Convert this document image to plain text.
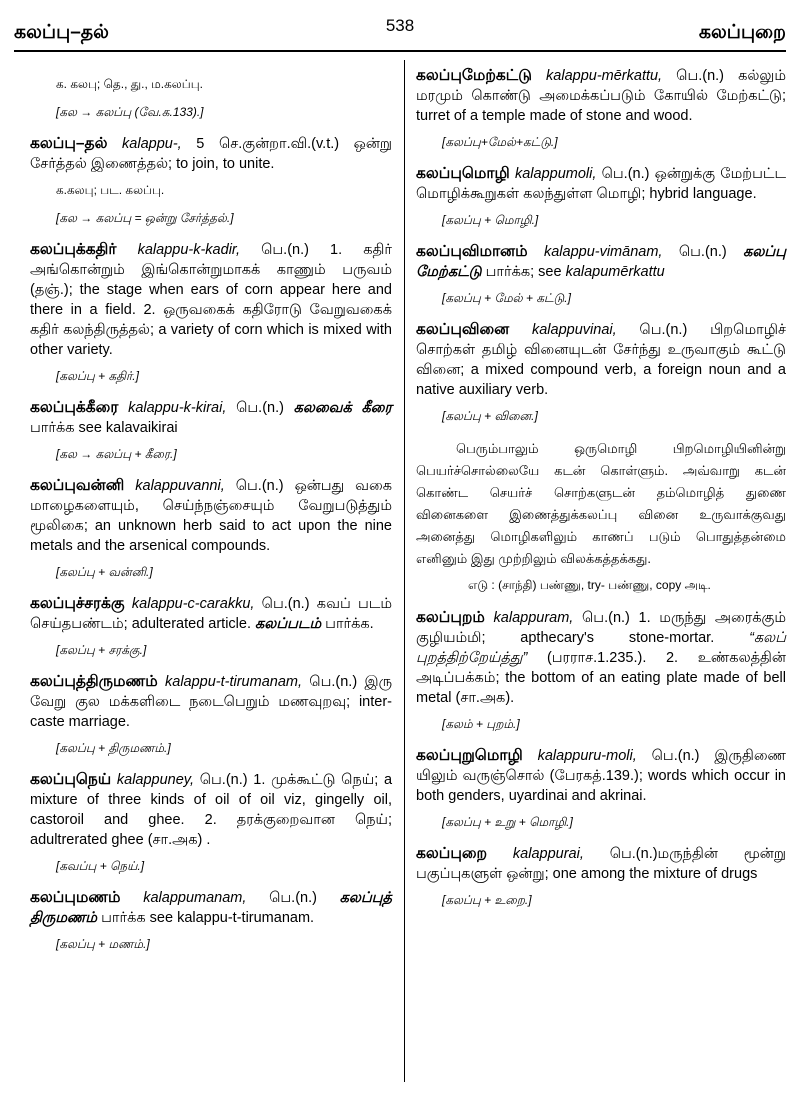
கலப்பு–தல்	538	கலப்புறை
க. கலபு; தெ., து., ம.கலப்பு.
[கல → கலப்பு (வே.க.133).]
கலப்பு–தல் kalappu-, 5 செ.குன்றா.வி.(v.t.) ஒன்று சேர்த்தல் இணைத்தல்; to join, to unite.
க.கலபு; பட. கலப்பு.
[கல → கலப்பு = ஒன்று சேர்த்தல்.]
கலப்புக்கதிர் kalappu-k-kadir, பெ.(n.) 1. கதிர் அங்கொன்றும் இங்கொன்றுமாகக் காணும் பருவம் (தஞ்.); the stage when ears of corn appear here and there in a field. 2. ஒருவகைக் கதிரோடு வேறுவகைக் கதிர் கலந்திருத்தல்; a variety of corn which is mixed with other variety.
[கலப்பு + கதிர்.]
கலப்புக்கீரை kalappu-k-kirai, பெ.(n.) கலவைக் கீரை பார்க்க see kalavaikirai
[கல → கலப்பு + கீரை.]
கலப்புவன்னி kalappuvanni, பெ.(n.) ஒன்பது வகை மாழைகளையும், செய்ந்நஞ்சையும் வேறுபடுத்தும் மூலிகை; an unknown herb said to act upon the nine metals and the arsenical compounds.
[கலப்பு + வன்னி.]
கலப்புச்சரக்கு kalappu-c-carakku, பெ.(n.) கவப் படம் செய்தபண்டம்; adulterated article. கலப்படம் பார்க்க.
[கலப்பு + சரக்கு.]
கலப்புத்திருமணம் kalappu-t-tirumanam, பெ.(n.) இரு வேறு குல மக்களிடை நடைபெறும் மணவுறவு; inter-caste marriage.
[கலப்பு + திருமணம்.]
கலப்புநெய் kalappuney, பெ.(n.) 1. முக்கூட்டு நெய்; a mixture of three kinds of oil of oil viz, gingelly oil, castoroil and ghee. 2. தரக்குறைவான நெய்; adultrerated ghee (சா.அக) .
[கவப்பு + நெய்.]
கலப்புமணம் kalappumanam, பெ.(n.) கலப்புத் திருமணம் பார்க்க see kalappu-t-tirumanam.
[கலப்பு + மணம்.]
கலப்புமேற்கட்டு kalappu-mērkattu, பெ.(n.) கல்லும் மரமும் கொண்டு அமைக்கப்படும் கோயில் மேற்கட்டு; turret of a temple made of stone and wood.
[கலப்பு+மேல்+கட்டு.]
கலப்புமொழி kalappumoli, பெ.(n.) ஒன்றுக்கு மேற்பட்ட மொழிக்கூறுகள் கலந்துள்ள மொழி; hybrid language.
[கலப்பு + மொழி.]
கலப்புவிமானம் kalappu-vimānam, பெ.(n.) கலப்பு மேற்கட்டு பார்க்க; see kalapumērkattu
[கலப்பு + மேல் + கட்டு.]
கலப்புவினை kalappuvinai, பெ.(n.) பிறமொழிச் சொற்கள் தமிழ் வினையுடன் சேர்ந்து உருவாகும் கூட்டு வினை; a mixed compound verb, a foreign noun and a native auxiliary verb.
[கலப்பு + வினை.]
பெரும்பாலும் ஒருமொழி பிறமொழியினின்று பெயர்ச்சொல்லையே கடன் கொள்ளும். அவ்வாறு கடன் கொண்ட செயர்ச் சொற்களுடன் தம்மொழித் துணை வினைகளை இணைத்துக்கலப்பு வினை உருவாக்குவது அனைத்து மொழிகளிலும் காணப் படும் பொதுத்தன்மை எனினும் இது முற்றிலும் விலக்கத்தக்கது.
எடு : (சாந்தி) பண்ணு, try- பண்ணு, copy அடி.
கலப்புறம் kalappuram, பெ.(n.) 1. மருந்து அரைக்கும் குழியம்மி; apthecary's stone-mortar. “கலப் புறத்திற்றேய்த்து” (பரராச.1.235.). 2. உண்கலத்தின் அடிப்பக்கம்; the bottom of an eating plate made of bell metal (சா.அக).
[கலம் + புறம்.]
கலப்புறுமொழி kalappuru-moli, பெ.(n.) இருதிணை யிலும் வருஞ்சொல் (பேரகத்.139.); words which occur in both genders, uyardinai and akrinai.
[கலப்பு + உறு + மொழி.]
கலப்புறை kalappurai, பெ.(n.)மருந்தின் மூன்று பகுப்புகளுள் ஒன்று; one among the mixture of drugs
[கலப்பு + உறை.]
